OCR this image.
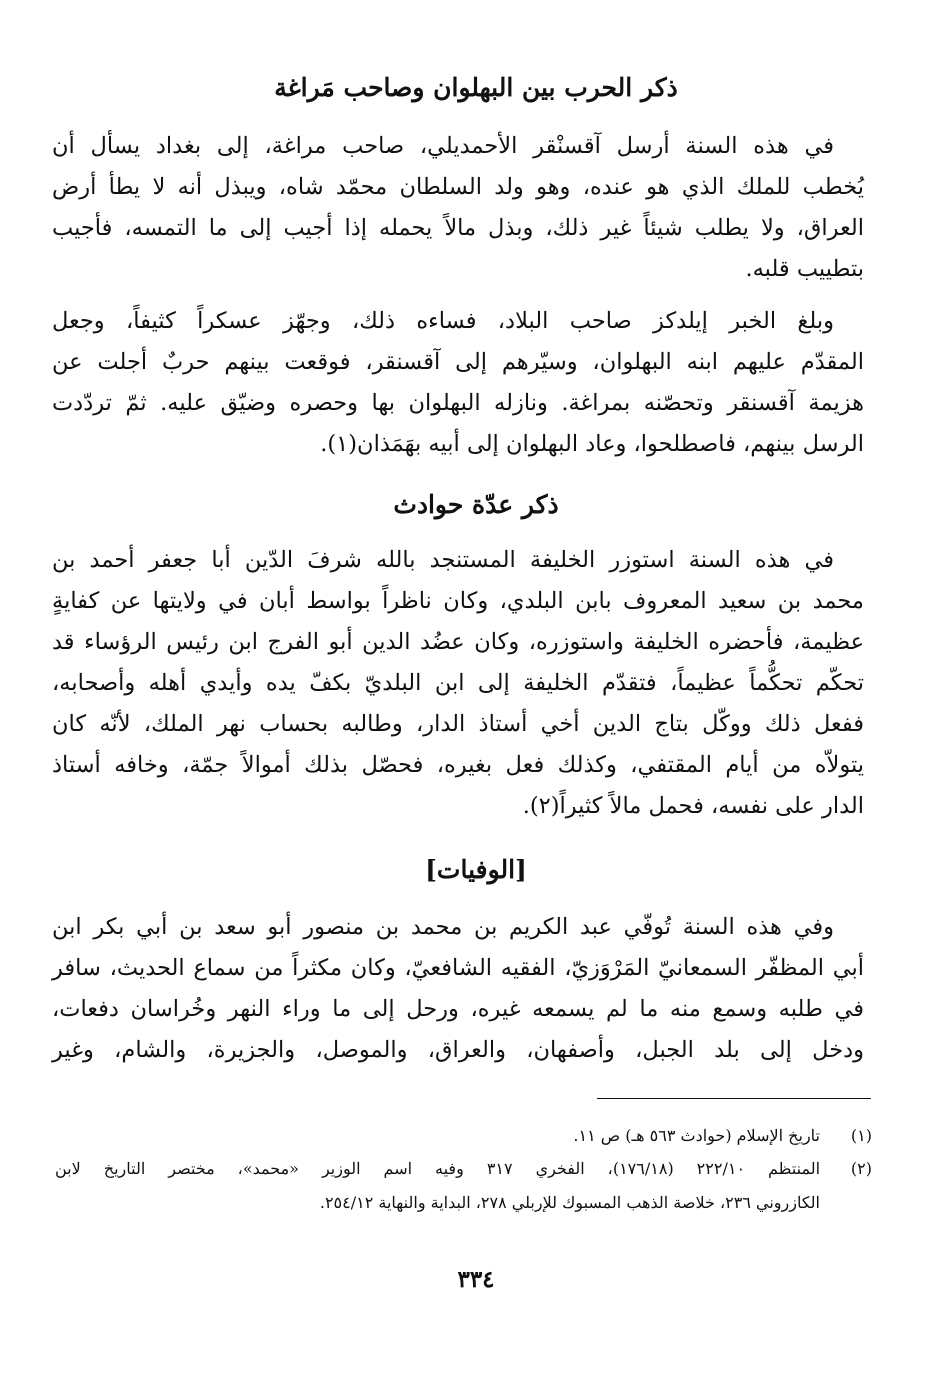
ذكر الحرب بين البهلوان وصاحب مَراغة
في هذه السنة أرسل آقسنْقر الأحمديلي، صاحب مراغة، إلى بغداد يسأل أن
يُخطب للملك الذي هو عنده، وهو ولد السلطان محمّد شاه، ويبذل أنه لا يطأ أرض
العراق، ولا يطلب شيئاً غير ذلك، وبذل مالاً يحمله إذا أجيب إلى ما التمسه، فأجيب
بتطييب قلبه.
وبلغ الخبر إيلدكز صاحب البلاد، فساءه ذلك، وجهّز عسكراً كثيفاً، وجعل
المقدّم عليهم ابنه البهلوان، وسيّرهم إلى آقسنقر، فوقعت بينهم حربٌ أجلت عن
هزيمة آقسنقر وتحصّنه بمراغة. ونازله البهلوان بها وحصره وضيّق عليه. ثمّ تردّدت
الرسل بينهم، فاصطلحوا، وعاد البهلوان إلى أبيه بهَمَذان(١).
ذكر عدّة حوادث
في هذه السنة استوزر الخليفة المستنجد بالله شرفَ الدّين أبا جعفر أحمد بن
محمد بن سعيد المعروف بابن البلدي، وكان ناظراً بواسط أبان في ولايتها عن كفايةٍ
عظيمة، فأحضره الخليفة واستوزره، وكان عضُد الدين أبو الفرج ابن رئيس الرؤساء قد
تحكّم تحكُّماً عظيماً، فتقدّم الخليفة إلى ابن البلديّ بكفّ يده وأيدي أهله وأصحابه،
ففعل ذلك ووكّل بتاج الدين أخي أستاذ الدار، وطالبه بحساب نهر الملك، لأنّه كان
يتولاّه من أيام المقتفي، وكذلك فعل بغيره، فحصّل بذلك أموالاً جمّة، وخافه أستاذ
الدار على نفسه، فحمل مالاً كثيراً(٢).
[الوفيات]
وفي هذه السنة تُوفّي عبد الكريم بن محمد بن منصور أبو سعد بن أبي بكر ابن
أبي المظفّر السمعانيّ المَرْوَزيّ، الفقيه الشافعيّ، وكان مكثراً من سماع الحديث، سافر
في طلبه وسمع منه ما لم يسمعه غيره، ورحل إلى ما وراء النهر وخُراسان دفعات،
ودخل إلى بلد الجبل، وأصفهان، والعراق، والموصل، والجزيرة، والشام، وغير
(١)
تاريخ الإسلام (حوادث ٥٦٣ هـ) ص ١١.
(٢)
المنتظم ٢٢٢/١٠ (١٧٦/١٨)، الفخري ٣١٧ وفيه اسم الوزير «محمد»، مختصر التاريخ لابن
الكازروني ٢٣٦، خلاصة الذهب المسبوك للإربلي ٢٧٨، البداية والنهاية ٢٥٤/١٢.
٣٣٤
